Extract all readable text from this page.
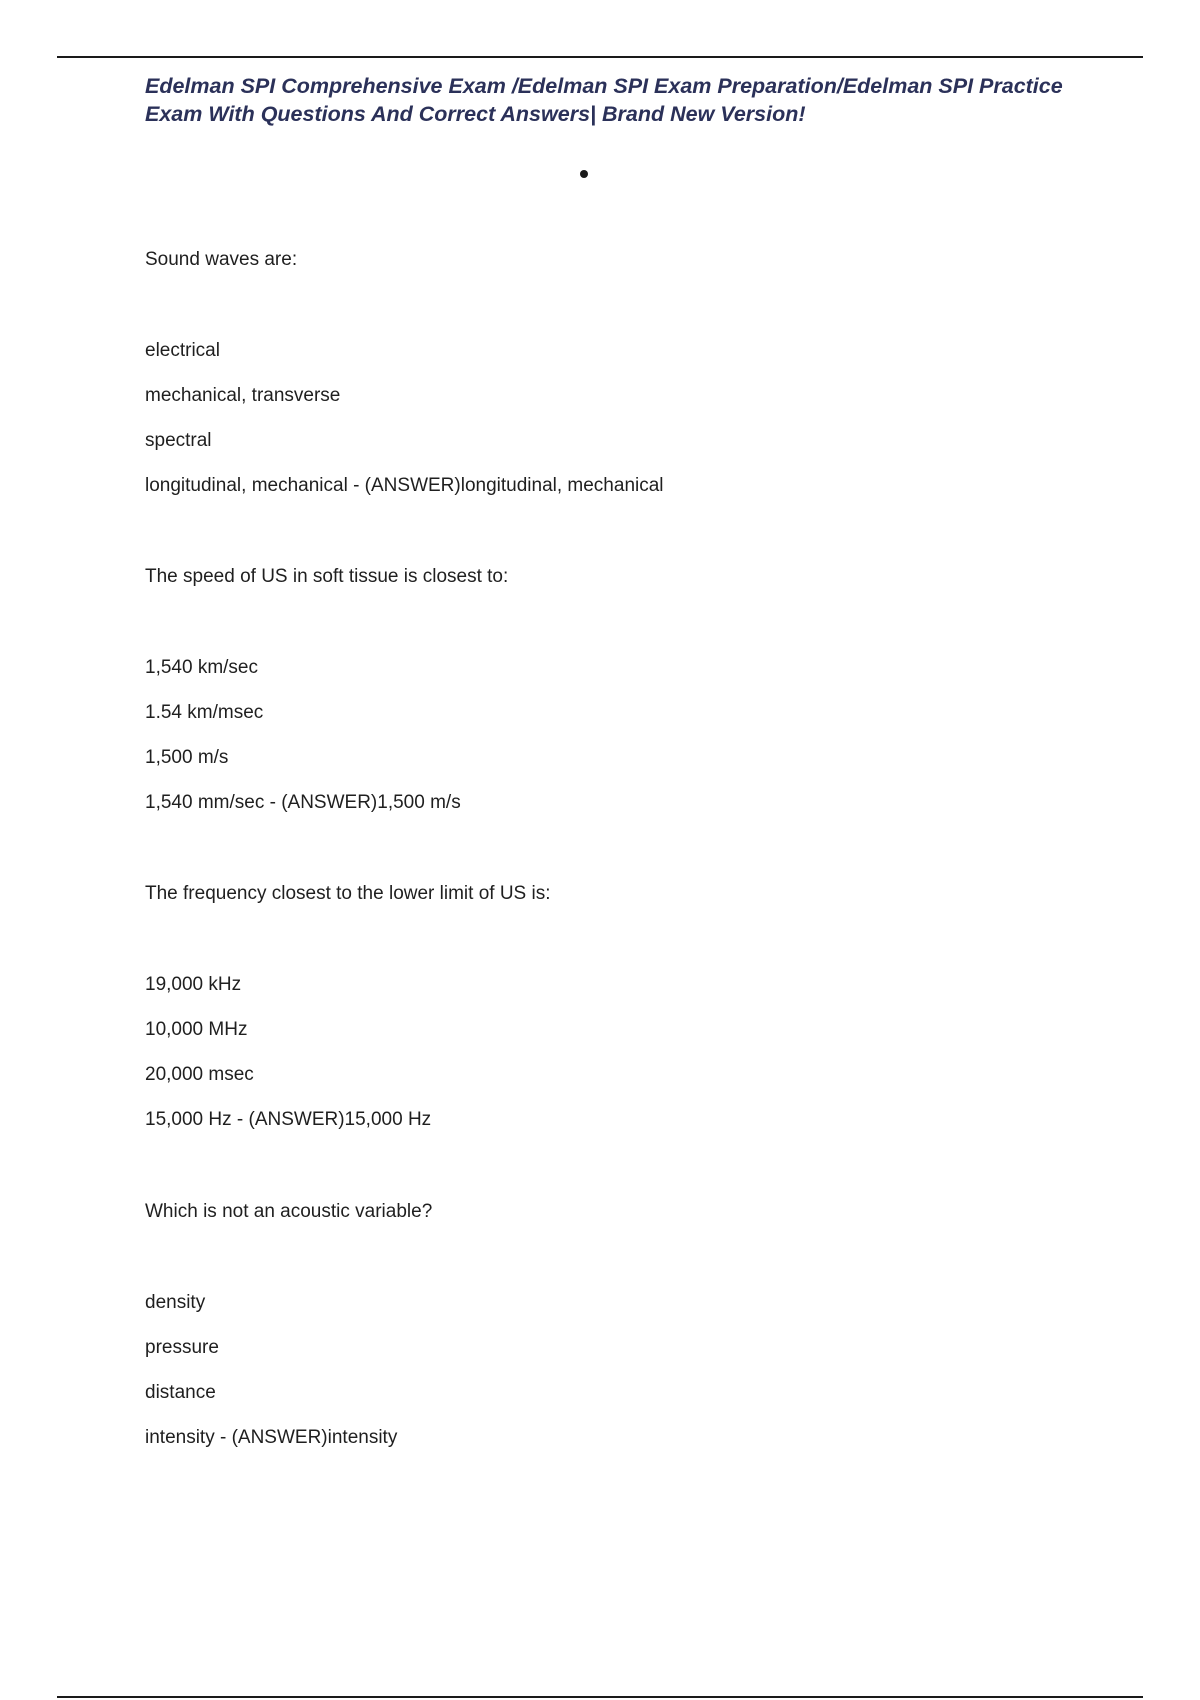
Edelman SPI Comprehensive Exam /Edelman SPI Exam Preparation/Edelman SPI Practice Exam With Questions And Correct Answers| Brand New Version!
Sound waves are:
electrical
mechanical, transverse
spectral
longitudinal, mechanical - (ANSWER)longitudinal, mechanical
The speed of US in soft tissue is closest to:
1,540 km/sec
1.54 km/msec
1,500 m/s
1,540 mm/sec - (ANSWER)1,500 m/s
The frequency closest to the lower limit of US is:
19,000 kHz
10,000 MHz
20,000 msec
15,000 Hz - (ANSWER)15,000 Hz
Which is not an acoustic variable?
density
pressure
distance
intensity - (ANSWER)intensity
